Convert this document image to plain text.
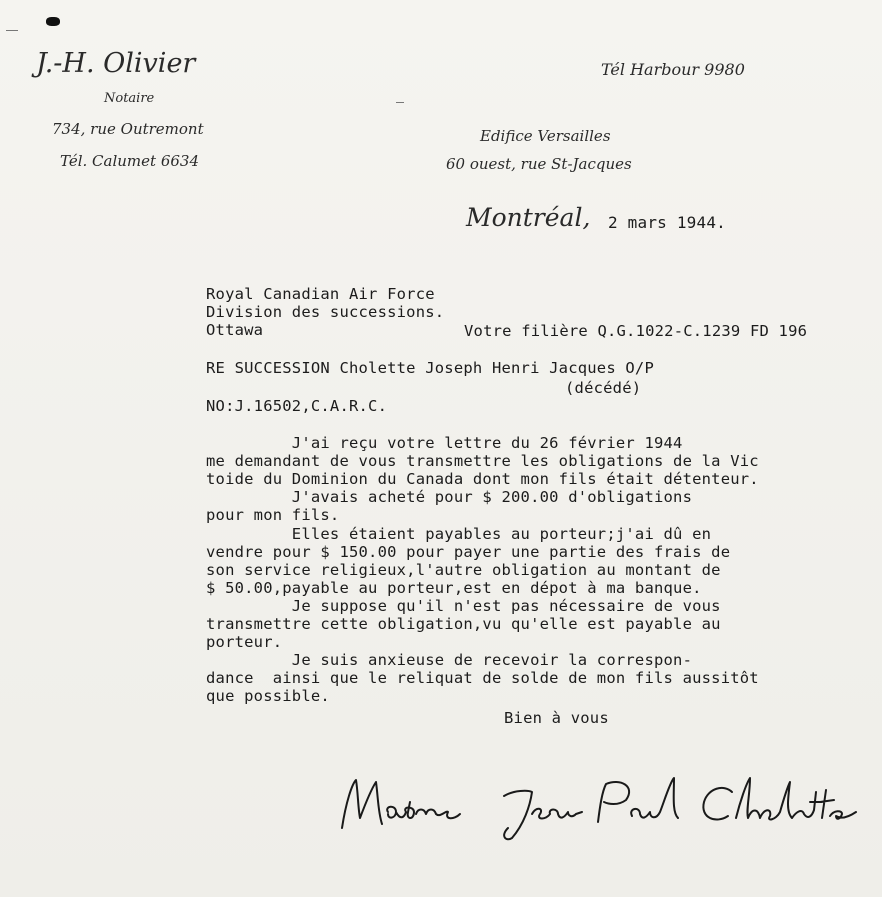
J.-H. Olivier
Notaire
734, rue Outremont
Tél. Calumet 6634
Tél Harbour 9980
Edifice Versailles
60 ouest, rue St-Jacques
Montréal, 2 mars 1944.
Royal Canadian Air Force
Division des successions.
Ottawa	Votre filière Q.G.1022-C.1239 FD 196
RE SUCCESSION Cholette Joseph Henri Jacques O/P
(décédé)
NO:J.16502,C.A.R.C.
J'ai reçu votre lettre du 26 février 1944
me demandant de vous transmettre les obligations de la Vic
toide du Dominion du Canada dont mon fils était détenteur.
J'avais acheté pour $ 200.00 d'obligations
pour mon fils.
Elles étaient payables au porteur;j'ai dû en
vendre pour $ 150.00 pour payer une partie des frais de
son service religieux,l'autre obligation au montant de
$ 50.00,payable au porteur,est en dépot à ma banque.
Je suppose qu'il n'est pas nécessaire de vous
transmettre cette obligation,vu qu'elle est payable au
porteur.
Je suis anxieuse de recevoir la correspon-
dance  ainsi que le reliquat de solde de mon fils aussitôt
que possible.
Bien à vous
